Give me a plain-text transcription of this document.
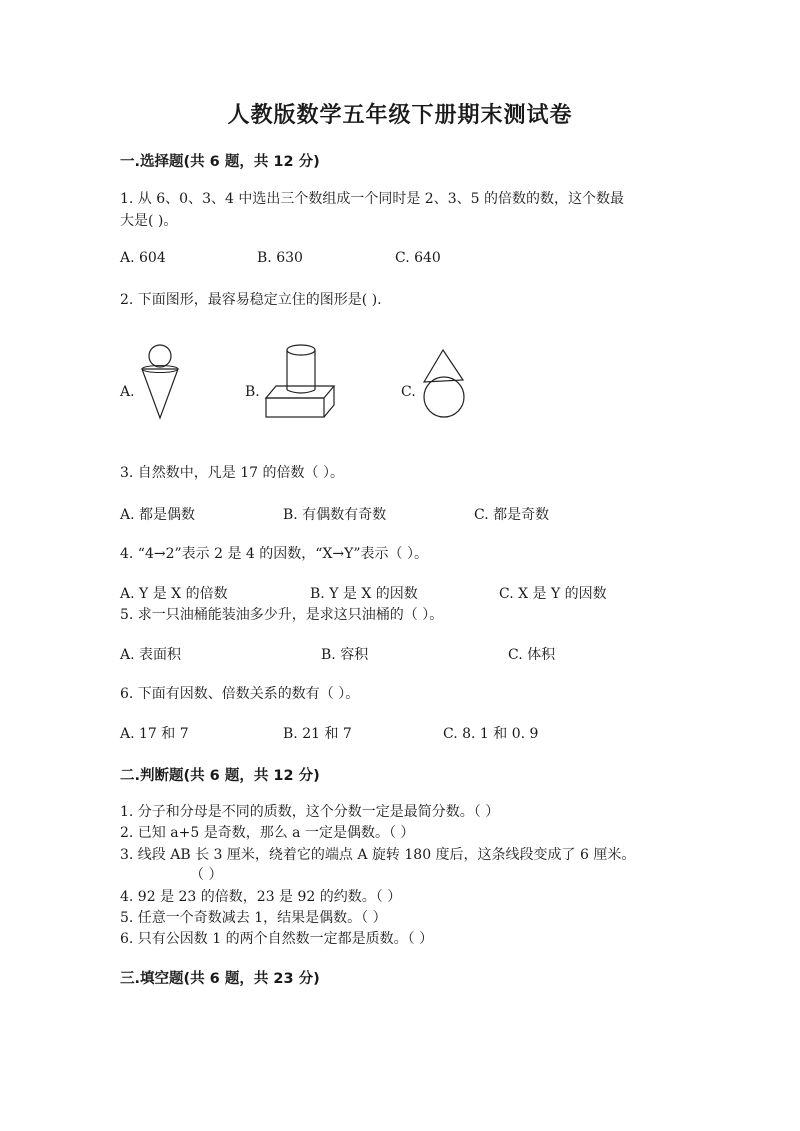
人教版数学五年级下册期末测试卷
一.选择题(共 6 题，共 12 分)
1. 从 6、0、3、4 中选出三个数组成一个同时是 2、3、5 的倍数的数，这个数最
大是( )。
A. 604	B. 630	C. 640
2. 下面图形，最容易稳定立住的图形是( ).
A.	B.	C.
3. 自然数中，凡是 17 的倍数（ ）。
A. 都是偶数	B. 有偶数有奇数	C. 都是奇数
4. “4→2”表示 2 是 4 的因数，“X→Y”表示（ ）。
A. Y 是 X 的倍数	B. Y 是 X 的因数	C. X 是 Y 的因数
5. 求一只油桶能装油多少升，是求这只油桶的（ ）。
A. 表面积	B. 容积	C. 体积
6. 下面有因数、倍数关系的数有（ ）。
A. 17 和 7	B. 21 和 7	C. 8. 1 和 0. 9
二.判断题(共 6 题，共 12 分)
1. 分子和分母是不同的质数，这个分数一定是最简分数。（ ）
2. 已知 a+5 是奇数，那么 a 一定是偶数。（ ）
3. 线段 AB 长 3 厘米，绕着它的端点 A 旋转 180 度后，这条线段变成了 6 厘米。
（ ）
4. 92 是 23 的倍数，23 是 92 的约数。（ ）
5. 任意一个奇数减去 1，结果是偶数。（ ）
6. 只有公因数 1 的两个自然数一定都是质数。（ ）
三.填空题(共 6 题，共 23 分)
